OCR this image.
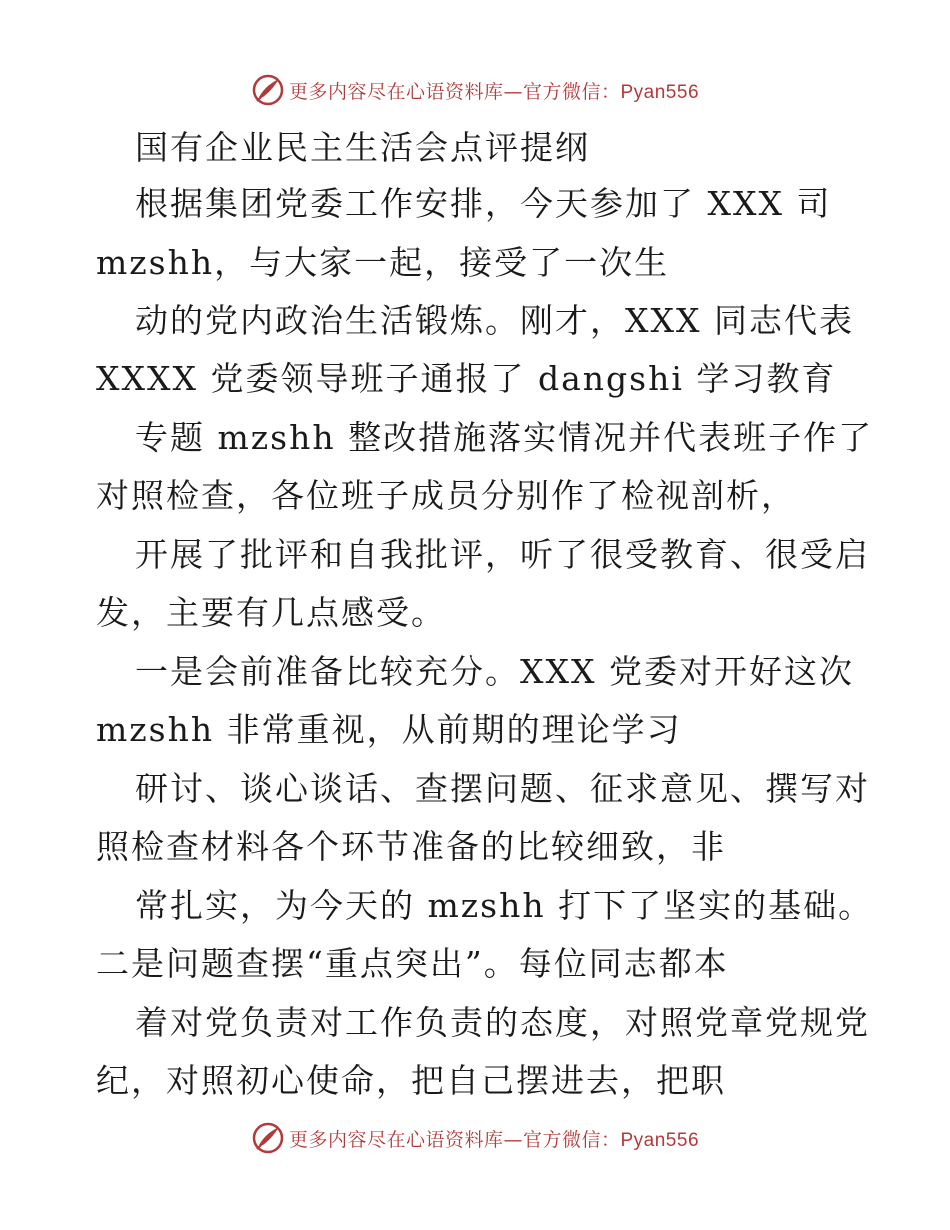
更多内容尽在心语资料库—官方微信：Pyan556
国有企业民主生活会点评提纲
根据集团党委工作安排，今天参加了 XXX 司
mzshh，与大家一起，接受了一次生
动的党内政治生活锻炼。刚才，XXX 同志代表
XXXX 党委领导班子通报了 dangshi 学习教育
专题 mzshh 整改措施落实情况并代表班子作了
对照检查，各位班子成员分别作了检视剖析，
开展了批评和自我批评，听了很受教育、很受启
发，主要有几点感受。
一是会前准备比较充分。XXX 党委对开好这次
mzshh 非常重视，从前期的理论学习
研讨、谈心谈话、查摆问题、征求意见、撰写对
照检查材料各个环节准备的比较细致，非
常扎实，为今天的 mzshh 打下了坚实的基础。
二是问题查摆“重点突出”。每位同志都本
着对党负责对工作负责的态度，对照党章党规党
纪，对照初心使命，把自己摆进去，把职
更多内容尽在心语资料库—官方微信：Pyan556
